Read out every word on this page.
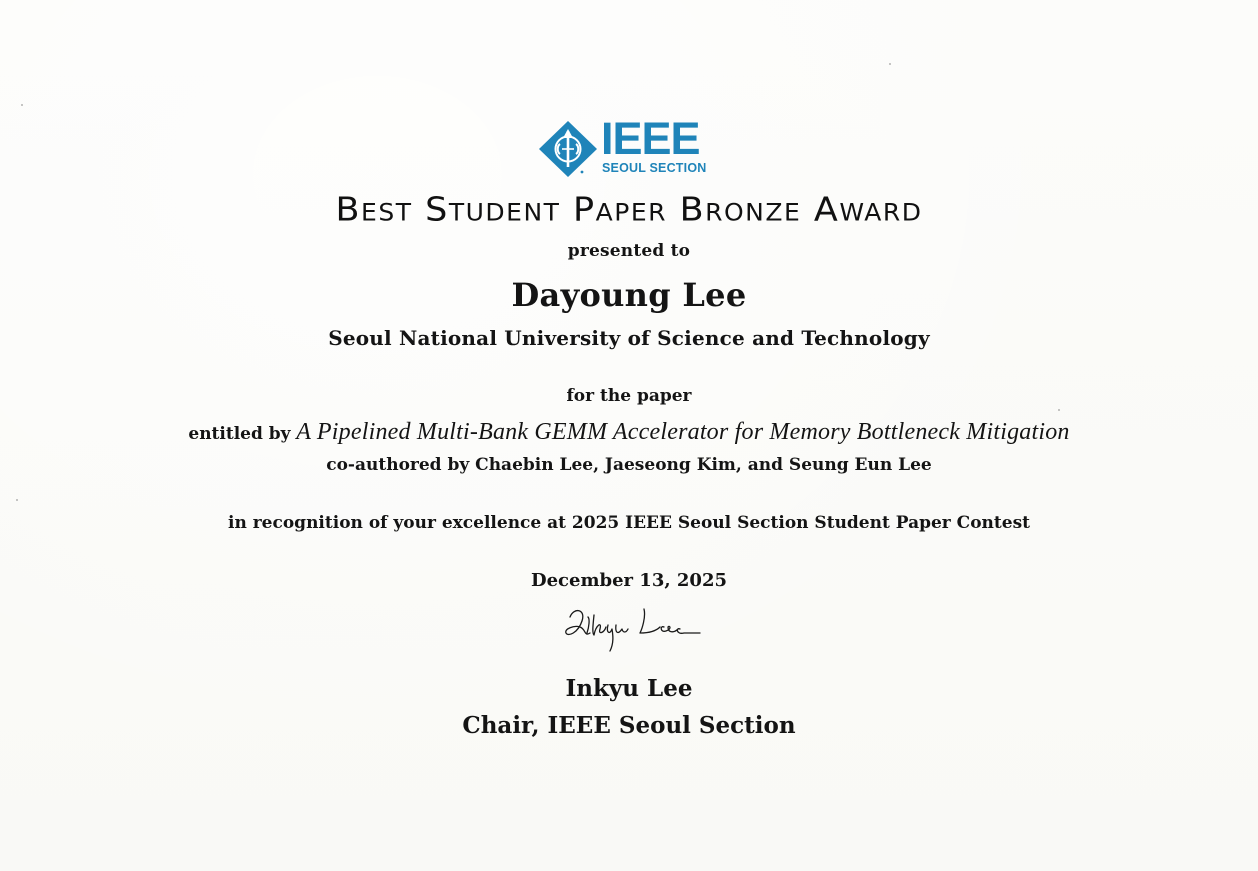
IEEE
SEOUL SECTION
Best Student Paper Bronze Award
presented to
Dayoung Lee
Seoul National University of Science and Technology
for the paper
entitled by A Pipelined Multi-Bank GEMM Accelerator for Memory Bottleneck Mitigation
co-authored by Chaebin Lee, Jaeseong Kim, and Seung Eun Lee
in recognition of your excellence at 2025 IEEE Seoul Section Student Paper Contest
December 13, 2025
Inkyu Lee
Chair, IEEE Seoul Section
